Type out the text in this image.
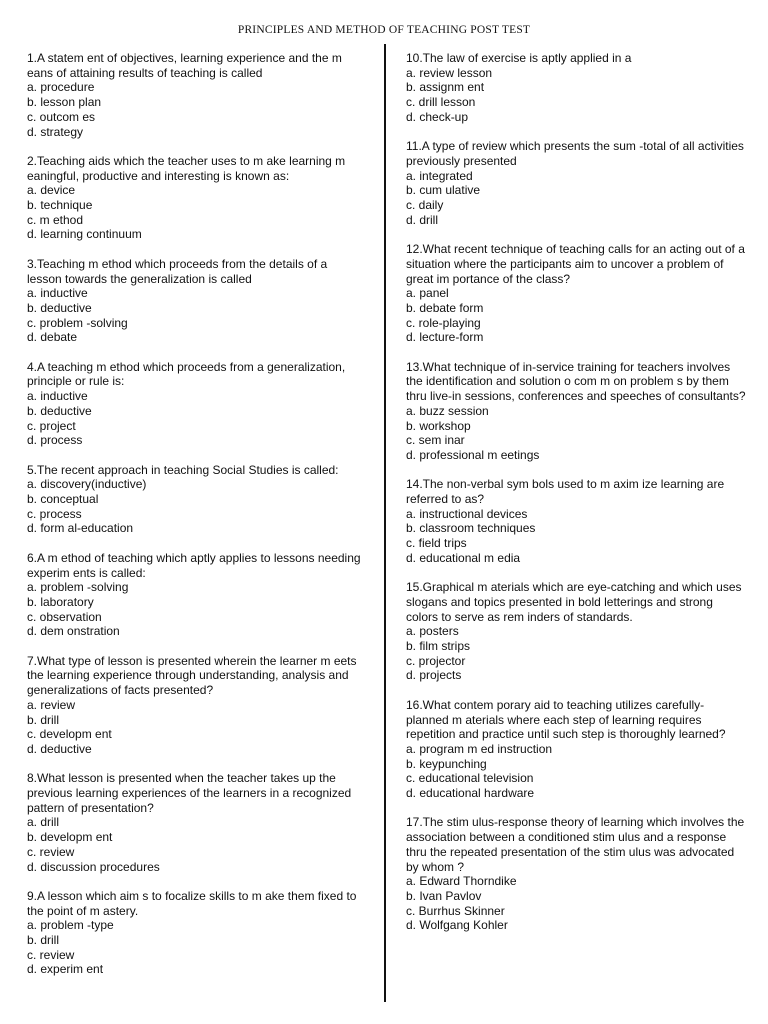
PRINCIPLES AND METHOD OF TEACHING POST TEST
1.A statem ent of objectives, learning experience and the m eans of attaining results of teaching is called
a. procedure
b. lesson plan
c. outcom es
d. strategy
2.Teaching aids which the teacher uses to m ake learning m eaningful, productive and interesting is known as:
a. device
b. technique
c. m ethod
d. learning continuum
3.Teaching m ethod which proceeds from the details of a lesson towards the generalization is called
a. inductive
b. deductive
c. problem -solving
d. debate
4.A teaching m ethod which proceeds from a generalization, principle or rule is:
a. inductive
b. deductive
c. project
d. process
5.The recent approach in teaching Social Studies is called:
a. discovery(inductive)
b. conceptual
c. process
d. form al-education
6.A m ethod of teaching which aptly applies to lessons needing experim ents is called:
a. problem -solving
b. laboratory
c. observation
d. dem onstration
7.What type of lesson is presented wherein the learner m eets the learning experience through understanding, analysis and generalizations of facts presented?
a. review
b. drill
c. developm ent
d. deductive
8.What lesson is presented when the teacher takes up the previous learning experiences of the learners in a recognized pattern of presentation?
a. drill
b. developm ent
c. review
d. discussion procedures
9.A lesson which aim s to focalize skills to m ake them fixed to the point of m astery.
a. problem -type
b. drill
c. review
d. experim ent
10.The law of exercise is aptly applied in a
a. review lesson
b. assignm ent
c. drill lesson
d. check-up
11.A type of review which presents the sum -total of all activities previously presented
a. integrated
b. cum ulative
c. daily
d. drill
12.What recent technique of teaching calls for an acting out of a situation where the participants aim to uncover a problem of great im portance of the class?
a. panel
b. debate form
c. role-playing
d. lecture-form
13.What technique of in-service training for teachers involves the identification and solution o com m on problem s by them thru live-in sessions, conferences and speeches of consultants?
a. buzz session
b. workshop
c. sem inar
d. professional m eetings
14.The non-verbal sym bols used to m axim ize learning are referred to as?
a. instructional devices
b. classroom techniques
c. field trips
d. educational m edia
15.Graphical m aterials which are eye-catching and which uses slogans and topics presented in bold letterings and strong colors to serve as rem inders of standards.
a. posters
b. film strips
c. projector
d. projects
16.What contem porary aid to teaching utilizes carefully-planned m aterials where each step of learning requires repetition and practice until such step is thoroughly learned?
a. program m ed instruction
b. keypunching
c. educational television
d. educational hardware
17.The stim ulus-response theory of learning which involves the association between a conditioned stim ulus and a response thru the repeated presentation of the stim ulus was advocated by whom ?
a. Edward Thorndike
b. Ivan Pavlov
c. Burrhus Skinner
d. Wolfgang Kohler
